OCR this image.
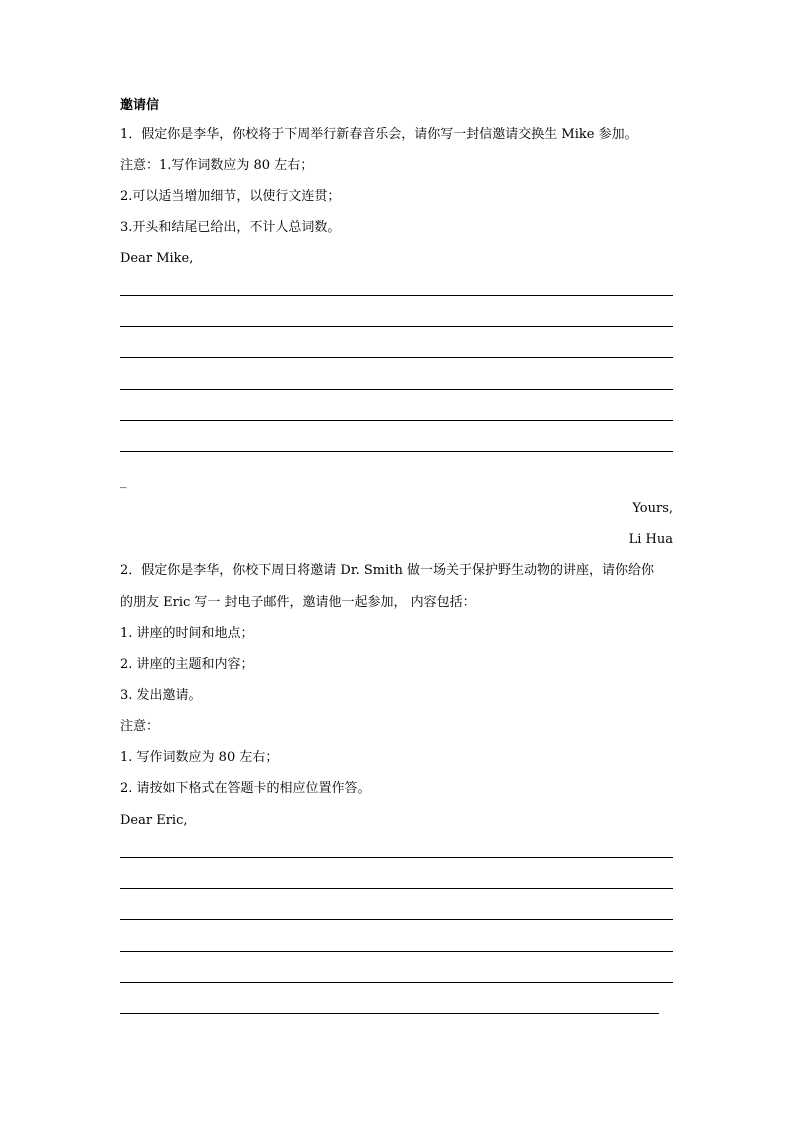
邀请信
1．假定你是李华，你校将于下周举行新春音乐会，请你写一封信邀请交换生 Mike 参加。
注意：1.写作词数应为 80 左右；
2.可以适当增加细节，以使行文连贯；
3.开头和结尾已给出，不计人总词数。
Dear Mike,
_
Yours,
Li Hua
2．假定你是李华，你校下周日将邀请 Dr. Smith 做一场关于保护野生动物的讲座，请你给你
的朋友 Eric 写一 封电子邮件，邀请他一起参加， 内容包括：
1. 讲座的时间和地点；
2. 讲座的主题和内容；
3. 发出邀请。
注意：
1. 写作词数应为 80 左右；
2. 请按如下格式在答题卡的相应位置作答。
Dear Eric,
